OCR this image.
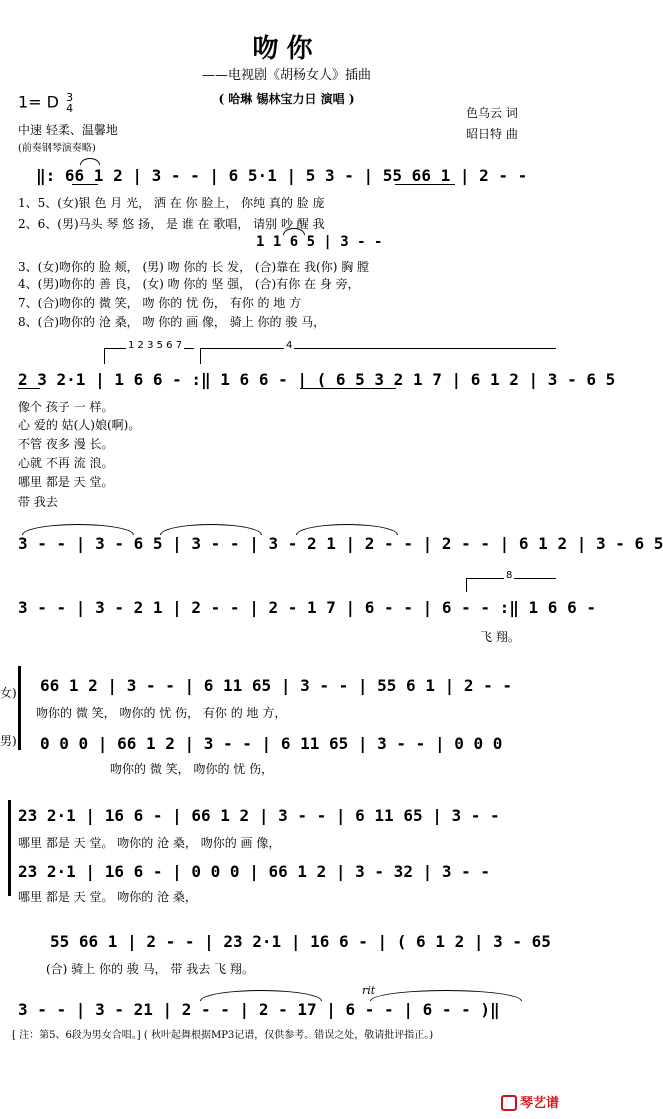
吻你
——电视剧《胡杨女人》插曲
( 哈琳 锡林宝力日 演唱 )
1= D 3
4
中速 轻柔、温馨地
(前奏钢琴演奏略)
色乌云 词
昭日特 曲
‖: 66 1 2 | 3 - - | 6 5·1 | 5 3 - | 55 66 1 | 2 - -
1、5、(女)银 色 月 光， 洒 在 你 脸上， 你纯 真的 脸 庞
2、6、(男)马头 琴 悠 扬， 是 谁 在 歌唱， 请别 吵 醒 我
1 1 6 5 | 3 - -
3、(女)吻你的 脸 颊， (男) 吻 你的 长 发， (合)靠在 我(你) 胸 膛
4、(男)吻你的 善 良， (女) 吻 你的 坚 强， (合)有你 在 身 旁，
7、(合)吻你的 微 笑， 吻 你的 忧 伤， 有你 的 地 方
8、(合)吻你的 沧 桑， 吻 你的 画 像， 骑上 你的 骏 马，
1 2 3 5 6 7	4
2 3 2·1 | 1 6 6 - :‖ 1 6 6 - | ( 6 5 3 2 1 7 | 6 1 2 | 3 - 6 5
像个 孩子 一 样。
心 爱的 姑(人)娘(啊)。
不管 夜多 漫 长。
心就 不再 流 浪。
哪里 都是 天 堂。
带 我去
3 - - | 3 - 6 5 | 3 - - | 3 - 2 1 | 2 - - | 2 - - | 6 1 2 | 3 - 6 5
8
3 - - | 3 - 2 1 | 2 - - | 2 - 1 7 | 6 - - | 6 - - :‖ 1 6 6 -
飞 翔。
女)
男)
66 1 2 | 3 - - | 6 11 65 | 3 - - | 55 6 1 | 2 - -
吻你的 微 笑， 吻你的 忧 伤， 有你 的 地 方，
0 0 0 | 66 1 2 | 3 - - | 6 11 65 | 3 - - | 0 0 0
吻你的 微 笑， 吻你的 忧 伤，
23 2·1 | 16 6 - | 66 1 2 | 3 - - | 6 11 65 | 3 - -
哪里 都是 天 堂。 吻你的 沧 桑， 吻你的 画 像，
23 2·1 | 16 6 - | 0 0 0 | 66 1 2 | 3 - 32 | 3 - -
哪里 都是 天 堂。 吻你的 沧 桑，
55 66 1 | 2 - - | 23 2·1 | 16 6 - | ( 6 1 2 | 3 - 65
(合) 骑上 你的 骏 马， 带 我去 飞 翔。
rit
3 - - | 3 - 21 | 2 - - | 2 - 17 | 6 - - | 6 - - )‖
[ 注：第5、6段为男女合唱。] ( 秋叶起舞根据MP3记谱，仅供参考。错误之处，敬请批评指正。)
琴艺谱
